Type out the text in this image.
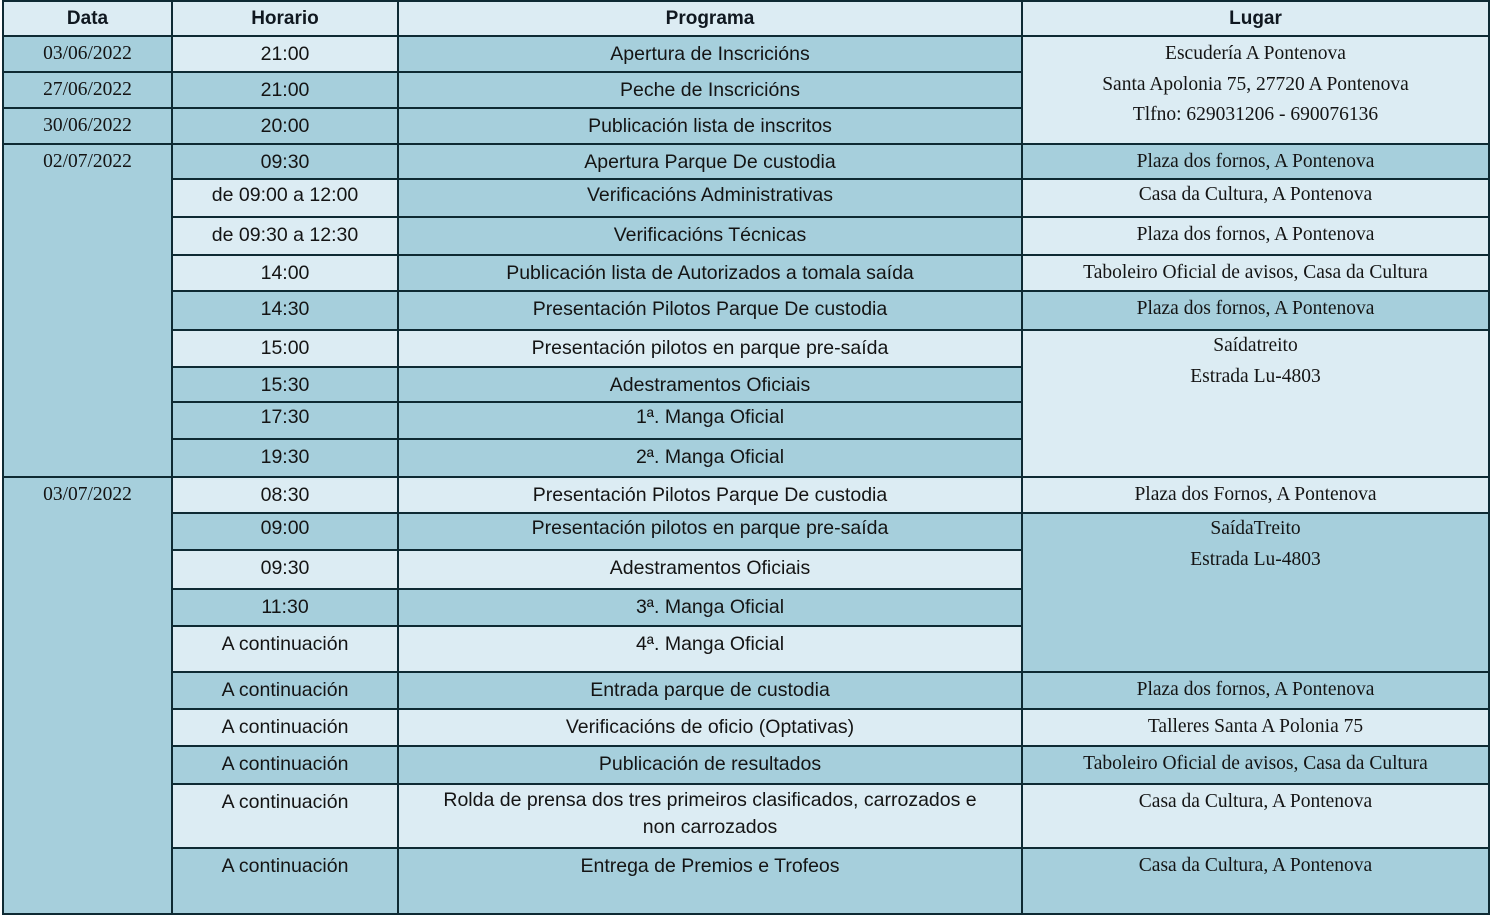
Data	Horario	Programa	Lugar

03/06/2022	21:00	Apertura de Inscricións	Escudería A Pontenova
Santa Apolonia 75, 27720 A Pontenova
Tlfno: 629031206 - 690076136

27/06/2022	21:00	Peche de Inscricións	

30/06/2022	20:00	Publicación lista de inscritos	

02/07/2022	09:30	Apertura Parque De custodia	Plaza dos fornos, A Pontenova

	de 09:00 a 12:00	Verificacións Administrativas	Casa da Cultura, A Pontenova

	de 09:30 a 12:30	Verificacións Técnicas	Plaza dos fornos, A Pontenova

	14:00	Publicación lista de Autorizados a tomala saída	Taboleiro Oficial de avisos, Casa da Cultura

	14:30	Presentación Pilotos Parque De custodia	Plaza dos fornos, A Pontenova

	15:00	Presentación pilotos en parque pre-saída	Saídatreito
Estrada Lu-4803

	15:30	Adestramentos Oficiais	

	17:30	1ª. Manga Oficial	

	19:30	2ª. Manga Oficial	

03/07/2022	08:30	Presentación Pilotos Parque De custodia	Plaza dos Fornos, A Pontenova

	09:00	Presentación pilotos en parque pre-saída	SaídaTreito
Estrada Lu-4803

	09:30	Adestramentos Oficiais	

	11:30	3ª. Manga Oficial	

	A continuación	4ª. Manga Oficial	

	A continuación	Entrada parque de custodia	Plaza dos fornos, A Pontenova

	A continuación	Verificacións de oficio (Optativas)	Talleres Santa A Polonia 75

	A continuación	Publicación de resultados	Taboleiro Oficial de avisos, Casa da Cultura

	A continuación	Rolda de prensa dos tres primeiros clasificados, carrozados e
non carrozados	Casa da Cultura, A Pontenova

	A continuación	Entrega de Premios e Trofeos	Casa da Cultura, A Pontenova
